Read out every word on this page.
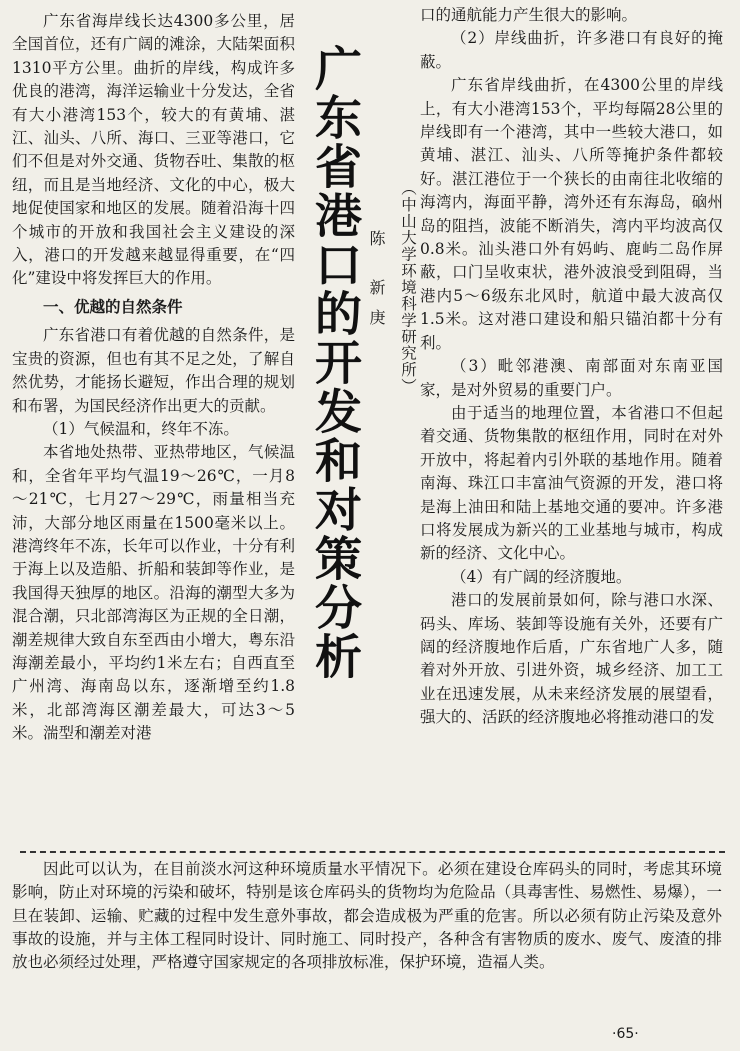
广东省海岸线长达4300多公里，居全国首位，还有广阔的滩涂，大陆架面积1310平方公里。曲折的岸线，构成许多优良的港湾，海洋运输业十分发达，全省有大小港湾153个，较大的有黄埔、湛江、汕头、八所、海口、三亚等港口，它们不但是对外交通、货物吞吐、集散的枢纽，而且是当地经济、文化的中心，极大地促使国家和地区的发展。随着沿海十四个城市的开放和我国社会主义建设的深入，港口的开发越来越显得重要，在“四化”建设中将发挥巨大的作用。

一、优越的自然条件

广东省港口有着优越的自然条件，是宝贵的资源，但也有其不足之处，了解自然优势，才能扬长避短，作出合理的规划和布署，为国民经济作出更大的贡献。

（1）气候温和，终年不冻。

本省地处热带、亚热带地区，气候温和，全省年平均气温19～26℃，一月8～21℃，七月27～29℃，雨量相当充沛，大部分地区雨量在1500毫米以上。港湾终年不冻，长年可以作业，十分有利于海上以及造船、折船和装卸等作业，是我国得天独厚的地区。沿海的潮型大多为混合潮，只北部湾海区为正规的全日潮，潮差规律大致自东至西由小增大，粤东沿海潮差最小，平均约1米左右；自西直至广州湾、海南岛以东，逐渐增至约1.8米，北部湾海区潮差最大，可达3～5米。湍型和潮差对港

广东省港口的开发和对策分析 陈 新庚 （中山大学环境科学研究所）

口的通航能力产生很大的影响。

（2）岸线曲折，许多港口有良好的掩蔽。

广东省岸线曲折，在4300公里的岸线上，有大小港湾153个，平均每隔28公里的岸线即有一个港湾，其中一些较大港口，如黄埔、湛江、汕头、八所等掩护条件都较好。湛江港位于一个狭长的由南往北收缩的海湾内，海面平静，湾外还有东海岛，硇州岛的阻挡，波能不断消失，湾内平均波高仅0.8米。汕头港口外有妈屿、鹿屿二岛作屏蔽，口门呈收束状，港外波浪受到阻碍，当港内5～6级东北风时，航道中最大波高仅1.5米。这对港口建设和船只锚泊都十分有利。

（3）毗邻港澳、南部面对东南亚国家，是对外贸易的重要门户。

由于适当的地理位置，本省港口不但起着交通、货物集散的枢纽作用，同时在对外开放中，将起着内引外联的基地作用。随着南海、珠江口丰富油气资源的开发，港口将是海上油田和陆上基地交通的要冲。许多港口将发展成为新兴的工业基地与城市，构成新的经济、文化中心。

（4）有广阔的经济腹地。

港口的发展前景如何，除与港口水深、码头、库场、装卸等设施有关外，还要有广阔的经济腹地作后盾，广东省地广人多，随着对外开放、引进外资，城乡经济、加工工业在迅速发展，从未来经济发展的展望看，强大的、活跃的经济腹地必将推动港口的发

因此可以认为，在目前淡水河这种环境质量水平情况下。必须在建设仓库码头的同时，考虑其环境影响，防止对环境的污染和破坏，特别是该仓库码头的货物均为危险品（具毒害性、易燃性、易爆），一旦在装卸、运输、贮藏的过程中发生意外事故，都会造成极为严重的危害。所以必须有防止污染及意外事故的设施，并与主体工程同时设计、同时施工、同时投产，各种含有害物质的废水、废气、废渣的排放也必须经过处理，严格遵守国家规定的各项排放标准，保护环境，造福人类。

·65·
